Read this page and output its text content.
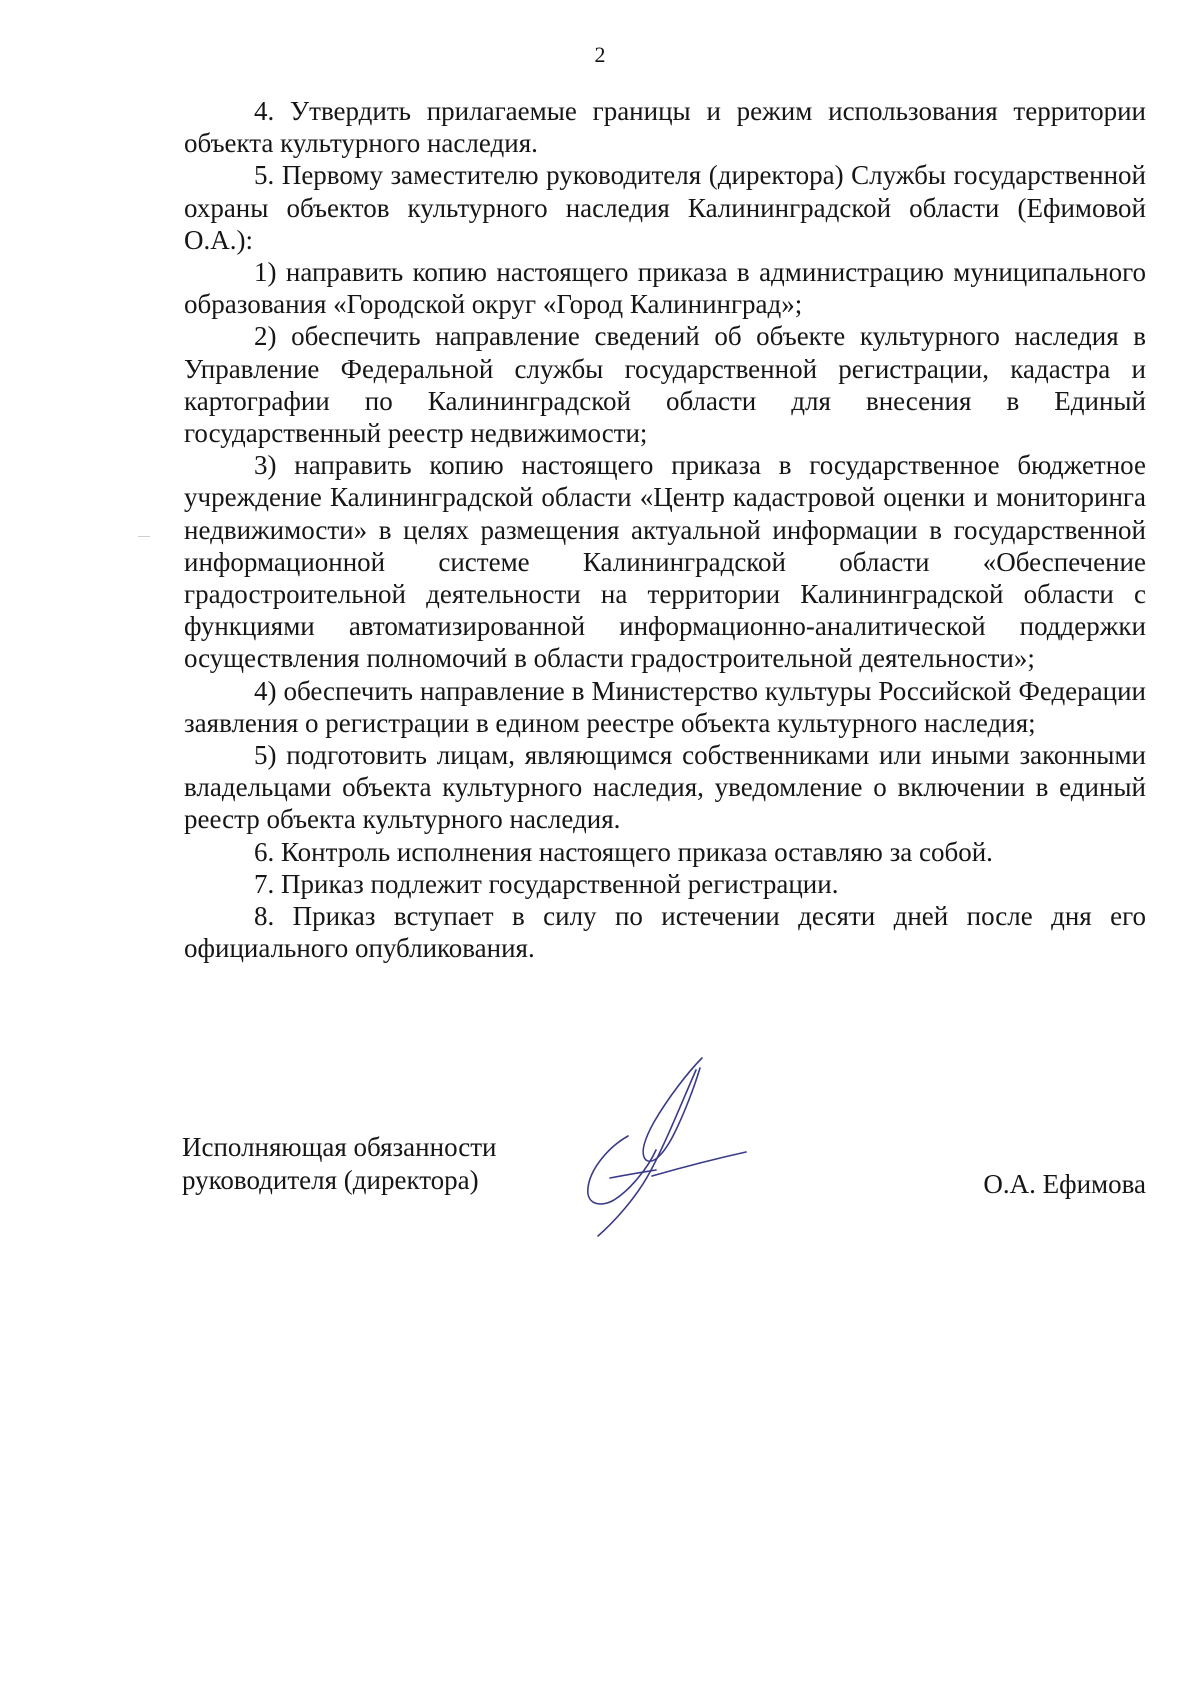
2

4. Утвердить прилагаемые границы и режим использования территории объекта культурного наследия.

5. Первому заместителю руководителя (директора) Службы государственной охраны объектов культурного наследия Калининградской области (Ефимовой О.А.):

1) направить копию настоящего приказа в администрацию муниципального образования «Городской округ «Город Калининград»;

2) обеспечить направление сведений об объекте культурного наследия в Управление Федеральной службы государственной регистрации, кадастра и картографии по Калининградской области для внесения в Единый государственный реестр недвижимости;

3) направить копию настоящего приказа в государственное бюджетное учреждение Калининградской области «Центр кадастровой оценки и мониторинга недвижимости» в целях размещения актуальной информации в государственной информационной системе Калининградской области «Обеспечение градостроительной деятельности на территории Калининградской области с функциями автоматизированной информационно-аналитической поддержки осуществления полномочий в области градостроительной деятельности»;

4) обеспечить направление в Министерство культуры Российской Федерации заявления о регистрации в едином реестре объекта культурного наследия;

5) подготовить лицам, являющимся собственниками или иными законными владельцами объекта культурного наследия, уведомление о включении в единый реестр объекта культурного наследия.

6. Контроль исполнения настоящего приказа оставляю за собой.

7. Приказ подлежит государственной регистрации.

8. Приказ вступает в силу по истечении десяти дней после дня его официального опубликования.

Исполняющая обязанности
руководителя (директора)	О.А. Ефимова
